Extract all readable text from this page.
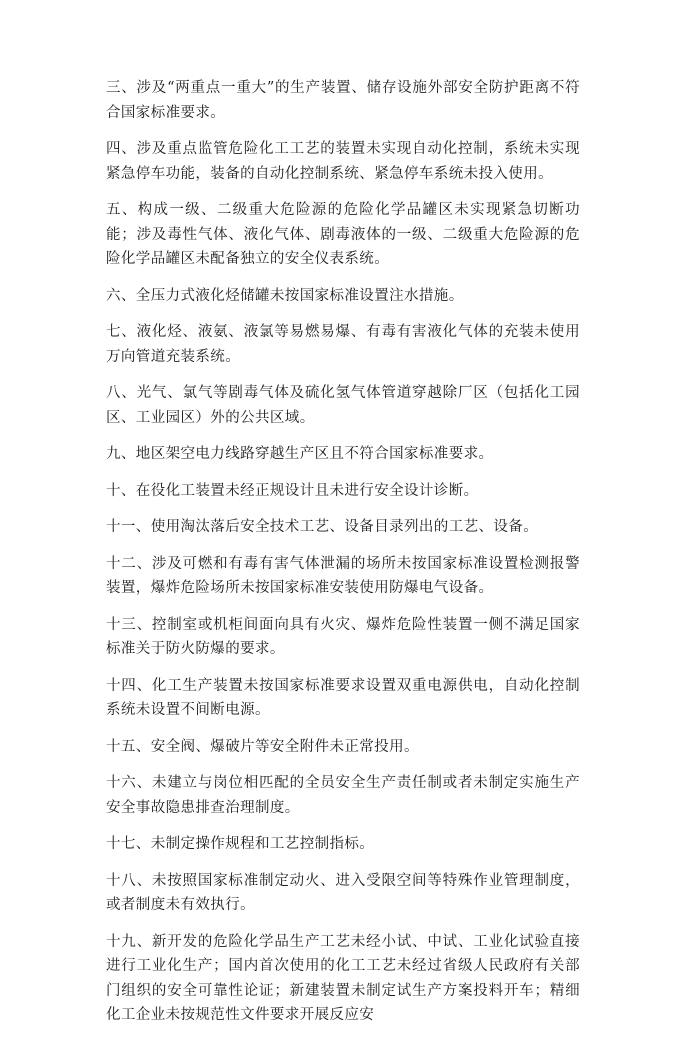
三、涉及“两重点一重大”的生产装置、储存设施外部安全防护距离不符合国家标准要求。

四、涉及重点监管危险化工工艺的装置未实现自动化控制，系统未实现紧急停车功能，装备的自动化控制系统、紧急停车系统未投入使用。

五、构成一级、二级重大危险源的危险化学品罐区未实现紧急切断功能；涉及毒性气体、液化气体、剧毒液体的一级、二级重大危险源的危险化学品罐区未配备独立的安全仪表系统。

六、全压力式液化烃储罐未按国家标准设置注水措施。

七、液化烃、液氨、液氯等易燃易爆、有毒有害液化气体的充装未使用万向管道充装系统。

八、光气、氯气等剧毒气体及硫化氢气体管道穿越除厂区（包括化工园区、工业园区）外的公共区域。

九、地区架空电力线路穿越生产区且不符合国家标准要求。

十、在役化工装置未经正规设计且未进行安全设计诊断。

十一、使用淘汰落后安全技术工艺、设备目录列出的工艺、设备。

十二、涉及可燃和有毒有害气体泄漏的场所未按国家标准设置检测报警装置，爆炸危险场所未按国家标准安装使用防爆电气设备。

十三、控制室或机柜间面向具有火灾、爆炸危险性装置一侧不满足国家标准关于防火防爆的要求。

十四、化工生产装置未按国家标准要求设置双重电源供电，自动化控制系统未设置不间断电源。

十五、安全阀、爆破片等安全附件未正常投用。

十六、未建立与岗位相匹配的全员安全生产责任制或者未制定实施生产安全事故隐患排查治理制度。

十七、未制定操作规程和工艺控制指标。

十八、未按照国家标准制定动火、进入受限空间等特殊作业管理制度，或者制度未有效执行。

十九、新开发的危险化学品生产工艺未经小试、中试、工业化试验直接进行工业化生产；国内首次使用的化工工艺未经过省级人民政府有关部门组织的安全可靠性论证；新建装置未制定试生产方案投料开车；精细化工企业未按规范性文件要求开展反应安
